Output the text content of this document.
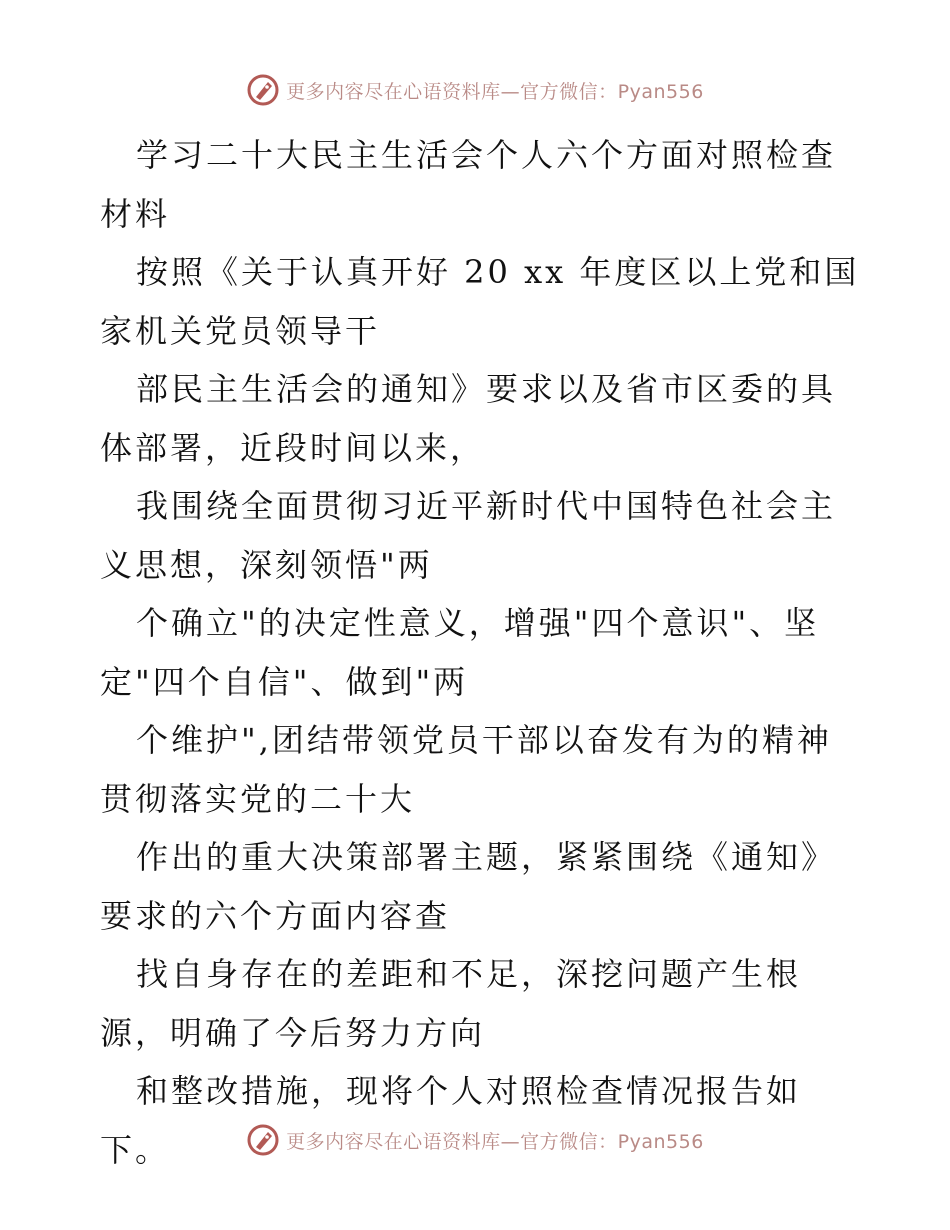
更多内容尽在心语资料库—官方微信：Pyan556

学习二十大民主生活会个人六个方面对照检查材料

按照《关于认真开好 20 xx 年度区以上党和国家机关党员领导干

部民主生活会的通知》要求以及省市区委的具体部署，近段时间以来，

我围绕全面贯彻习近平新时代中国特色社会主义思想，深刻领悟"两

个确立"的决定性意义，增强"四个意识"、坚定"四个自信"、做到"两

个维护",团结带领党员干部以奋发有为的精神贯彻落实党的二十大

作出的重大决策部署主题，紧紧围绕《通知》要求的六个方面内容查

找自身存在的差距和不足，深挖问题产生根源，明确了今后努力方向

和整改措施，现将个人对照检查情况报告如下。	更多内容尽在心语资料库—官方微信：Pyan556
